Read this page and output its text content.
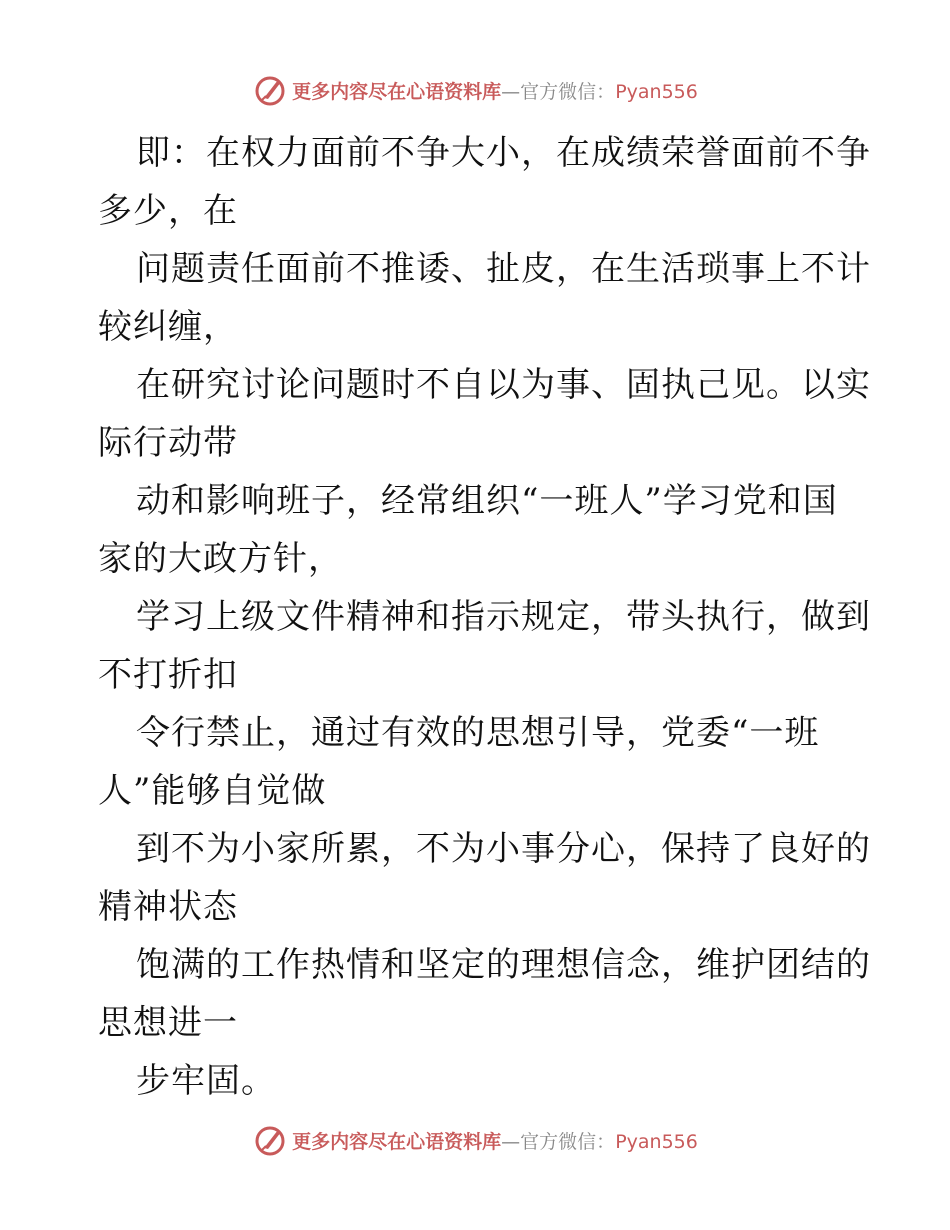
更多内容尽在心语资料库—官方微信：Pyan556

即：在权力面前不争大小，在成绩荣誉面前不争
多少，在

问题责任面前不推诿、扯皮，在生活琐事上不计
较纠缠，

在研究讨论问题时不自以为事、固执己见。以实
际行动带

动和影响班子，经常组织“一班人”学习党和国
家的大政方针，

学习上级文件精神和指示规定，带头执行，做到
不打折扣

令行禁止，通过有效的思想引导，党委“一班
人”能够自觉做

到不为小家所累，不为小事分心，保持了良好的
精神状态

饱满的工作热情和坚定的理想信念，维护团结的
思想进一

步牢固。

更多内容尽在心语资料库—官方微信：Pyan556
